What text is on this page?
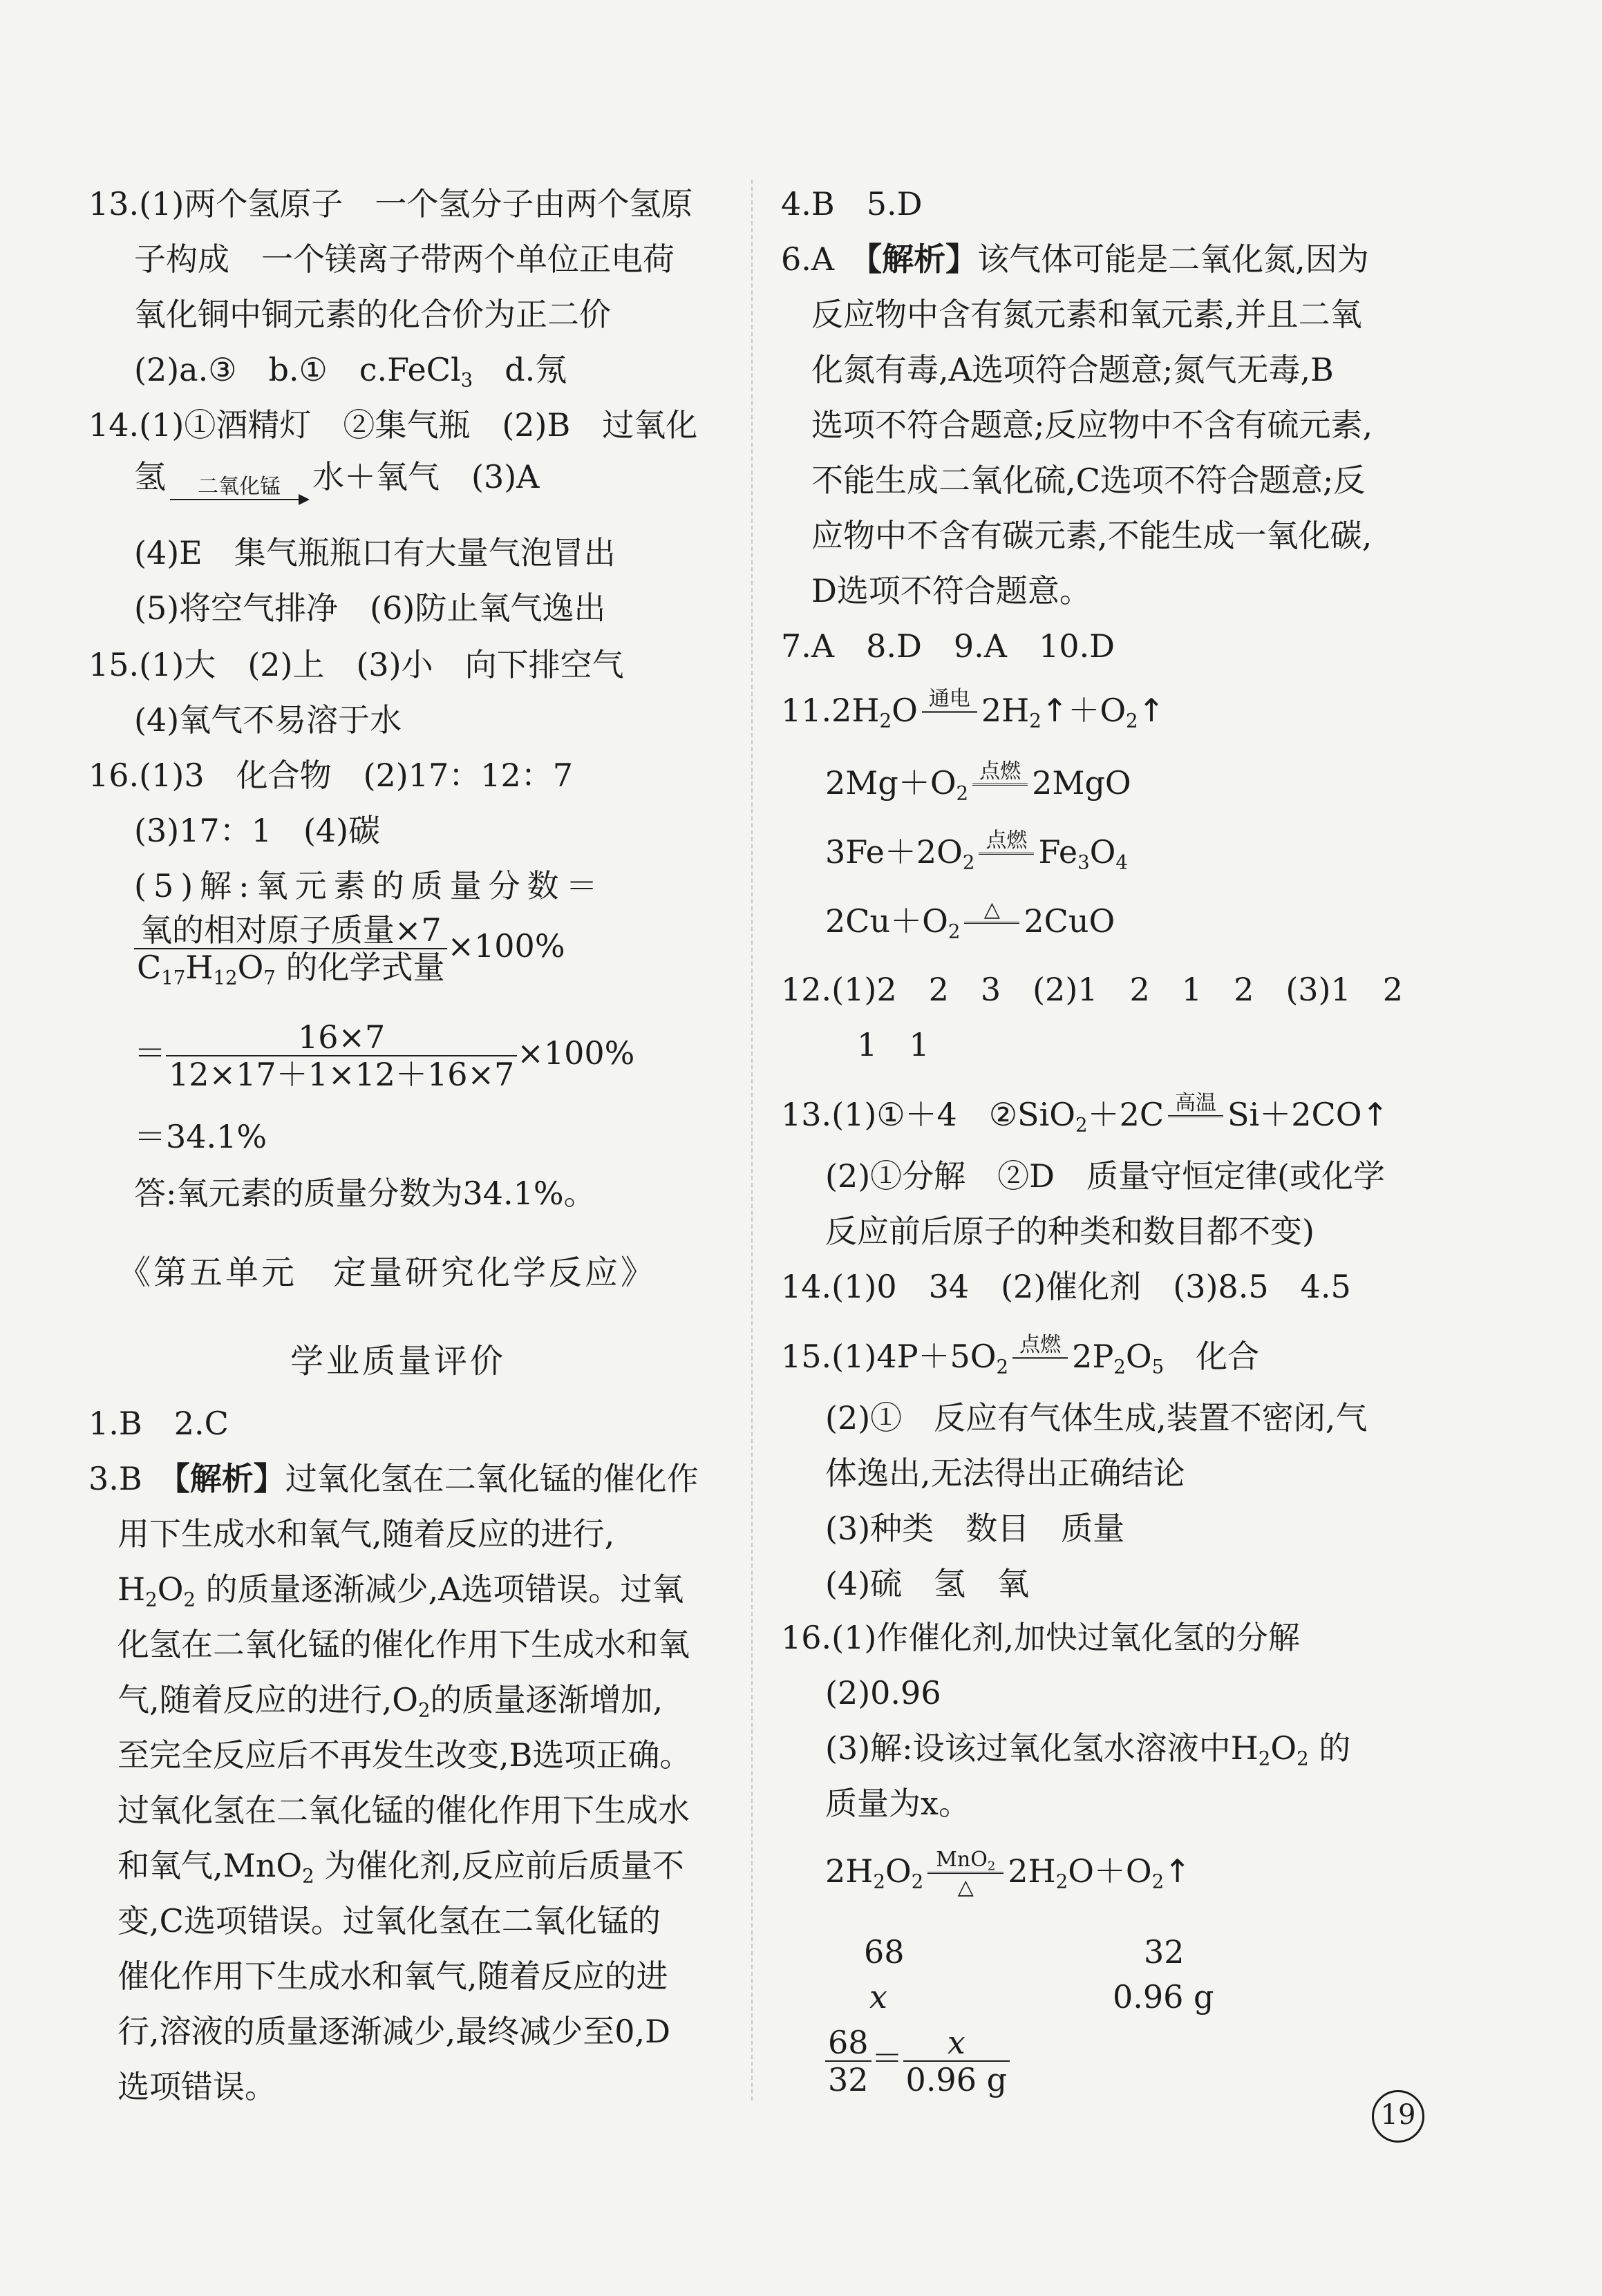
13.(1)两个氢原子　一个氢分子由两个氢原
子构成　一个镁离子带两个单位正电荷
氧化铜中铜元素的化合价为正二价
(2)a.③　b.①　c.FeCl$_3$　d.氖
14.(1)①酒精灯　②集气瓶　(2)B　过氧化
氢	二氧化锰	水＋氧气　(3)A
(4)E　集气瓶瓶口有大量气泡冒出
(5)将空气排净　(6)防止氧气逸出
15.(1)大　(2)上　(3)小　向下排空气
(4)氧气不易溶于水
16.(1)3　化合物　(2)17：12：7
(3)17：1　(4)碳
(5)解:氧元素的质量分数＝
$\frac{\text{氧的相对原子质量×7}}{C_{17}H_{12}O_7 的化学式量} \times 100\%$
＝ $\frac{16\times 7}{12\times 17+1\times 12+16\times 7} \times 100\%$
＝34.1%
答:氧元素的质量分数为34.1%。
《第五单元　定量研究化学反应》
学业质量评价
1.B　2.C
3.B　 【解析】过氧化氢在二氧化锰的催化作
用下生成水和氧气,随着反应的进行,
$H_2O_2$ 的质量逐渐减少,A选项错误。过氧
化氢在二氧化锰的催化作用下生成水和氧
气,随着反应的进行$,O_2$的质量逐渐增加,
至完全反应后不再发生改变,B选项正确。
过氧化氢在二氧化锰的催化作用下生成水
和氧气,MnO$_2$ 为催化剂,反应前后质量不
变,C选项错误。过氧化氢在二氧化锰的
催化作用下生成水和氧气,随着反应的进
行,溶液的质量逐渐减少,最终减少至0,D
选项错误。
4.B　5.D
6.A　 【解析】该气体可能是二氧化氮,因为
反应物中含有氮元素和氧元素,并且二氧
化氮有毒,A选项符合题意;氮气无毒,B
选项不符合题意;反应物中不含有硫元素,
不能生成二氧化硫,C选项不符合题意;反
应物中不含有碳元素,不能生成一氧化碳,
D选项不符合题意。
7.A　8.D　9.A　10.D
$11.2H_2O$ 通电
$2H_2↑+O_2↑$
$2Mg+O_2$
点燃
2MgO
$3Fe+2O_2$
点燃
$Fe_3O_4$
$2Cu+O_2$
△
2CuO
12.(1)2　2　3　(2)1　2　1　2　(3)1　2
1　1
13.(1)①＋4　②SiO$_2$＋2C 高温
Si＋2CO↑
(2)①分解　②D　质量守恒定律(或化学
反应前后原子的种类和数目都不变)
14.(1)0　34　(2)催化剂　(3)8.5　4.5
$15.(1)4P+5O_2$
点燃
$2P_2O_5$　化合
(2)①　反应有气体生成,装置不密闭,气
体逸出,无法得出正确结论
(3)种类　数目　质量
(4)硫　氢　氧
16.(1)作催化剂,加快过氧化氢的分解
(2)0.96
(3)解:设该过氧化氢水溶液中$H_2O_2$ 的
质量为x。
$2H_2O_2$
MnO$_2$
△	$2H_2O+O_2↑$
68	32
x	0.96 g
$\frac{68}{32} = \frac{x}{0.96 g}$
19
